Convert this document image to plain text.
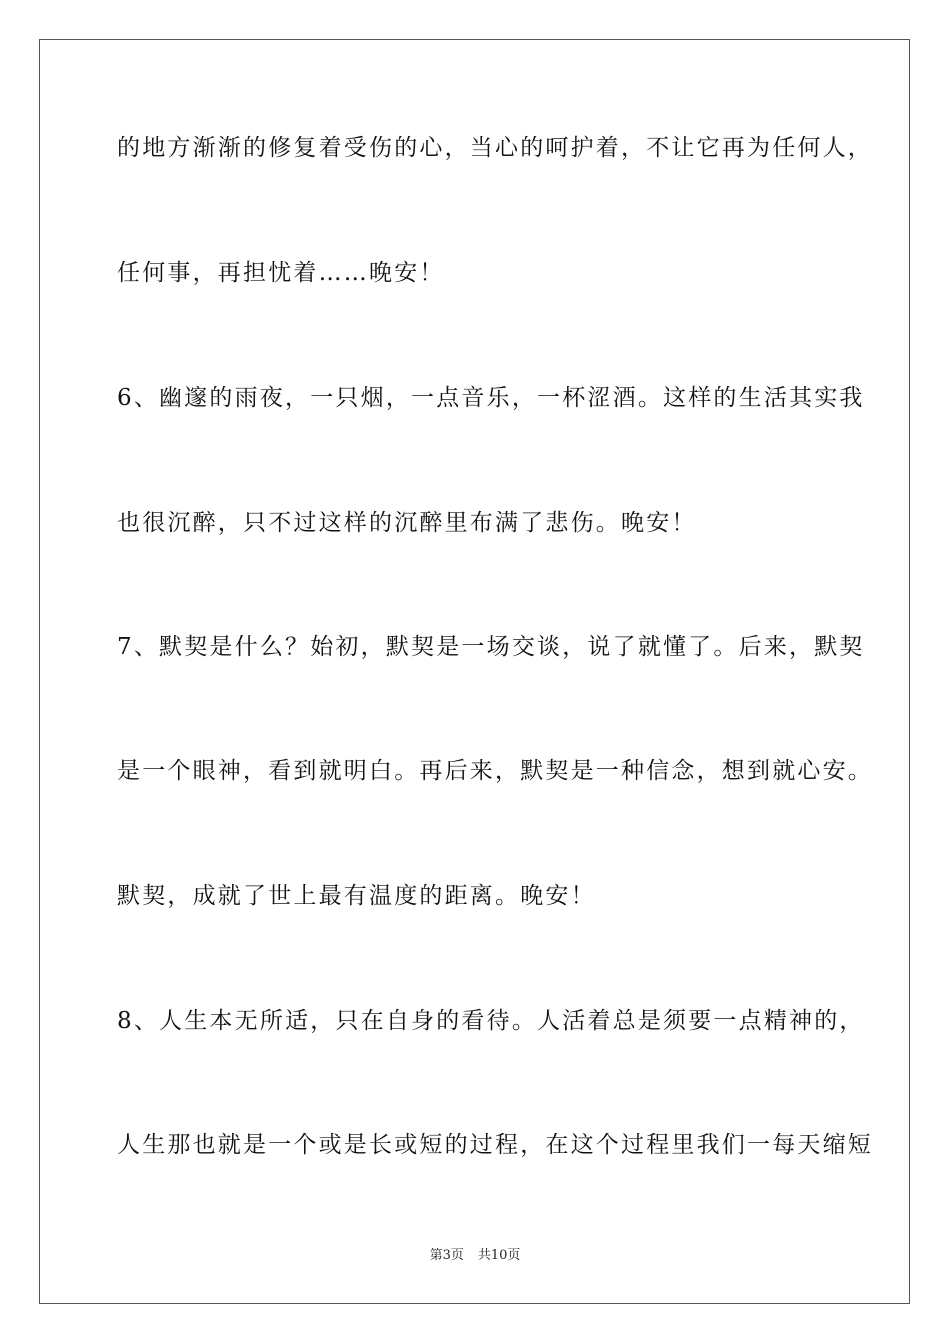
的地方渐渐的修复着受伤的心，当心的呵护着，不让它再为任何人，
任何事，再担忧着……晚安！
6、幽邃的雨夜，一只烟，一点音乐，一杯涩酒。这样的生活其实我
也很沉醉，只不过这样的沉醉里布满了悲伤。晚安！
7、默契是什么？始初，默契是一场交谈，说了就懂了。后来，默契
是一个眼神，看到就明白。再后来，默契是一种信念，想到就心安。
默契，成就了世上最有温度的距离。晚安！
8、人生本无所适，只在自身的看待。人活着总是须要一点精神的，
人生那也就是一个或是长或短的过程，在这个过程里我们一每天缩短
第3页 共10页
